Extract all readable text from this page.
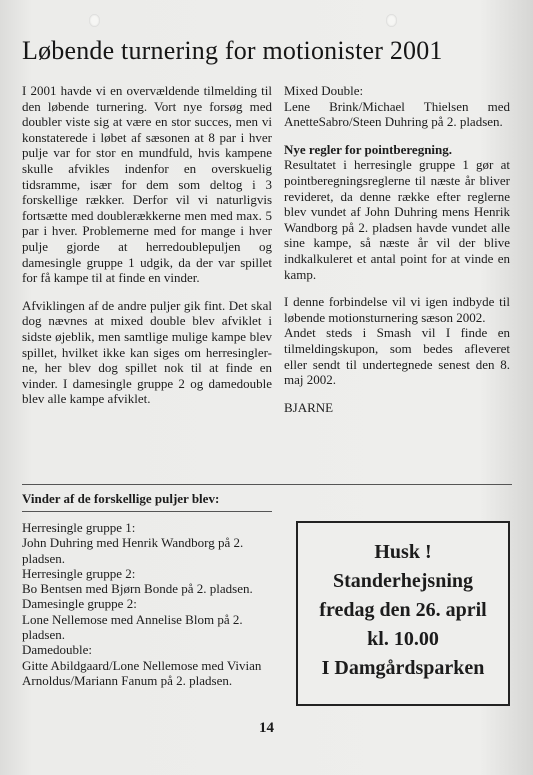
Løbende turnering for motionister 2001

I 2001 havde vi en overvældende tilmelding til den løbende turnering. Vort nye forsøg med doubler viste sig at være en stor succes, men vi konstaterede i løbet af sæsonen at 8 par i hver pulje var for stor en mundfuld, hvis kampene skulle afvikles indenfor en overskuelig tidsramme, især for dem som deltog i 3 forskellige rækker. Derfor vil vi naturligvis fortsætte med doublerækkerne men med max. 5 par i hver. Problemerne med for mange i hver pulje gjorde at herredoublepuljen og damesingle gruppe 1 udgik, da der var spillet for få kampe til at finde en vinder.

Afviklingen af de andre puljer gik fint. Det skal dog nævnes at mixed double blev afviklet i sidste øjeblik, men samtlige mulige kampe blev spillet, hvilket ikke kan siges om herresingler-ne, her blev dog spillet nok til at finde en vinder. I damesingle gruppe 2 og damedouble blev alle kampe afviklet.

Vinder af de forskellige puljer blev:

Herresingle gruppe 1:

John Duhring med Henrik Wandborg på 2. pladsen.

Herresingle gruppe 2:

Bo Bentsen med Bjørn Bonde på 2. pladsen.

Damesingle gruppe 2:

Lone Nellemose med Annelise Blom på 2. pladsen.

Damedouble:

Gitte Abildgaard/Lone Nellemose med Vivian Arnoldus/Mariann Fanum på 2. pladsen.

Mixed Double:

Lene Brink/Michael Thielsen med AnetteSabro/Steen Duhring på 2. pladsen.

Nye regler for pointberegning.

Resultatet i herresingle gruppe 1 gør at pointberegningsreglerne til næste år bliver revideret, da denne række efter reglerne blev vundet af John Duhring mens Henrik Wandborg på 2. pladsen havde vundet alle sine kampe, så næste år vil der blive indkalkuleret et antal point for at vinde en kamp.

I denne forbindelse vil vi igen indbyde til løbende motionsturnering sæson 2002.

Andet steds i Smash vil I finde en tilmeldingskupon, som bedes afleveret eller sendt til undertegnede senest den 8. maj 2002.

BJARNE

Husk !
Standerhejsning
fredag den 26. april
kl. 10.00
I Damgårdsparken
14
